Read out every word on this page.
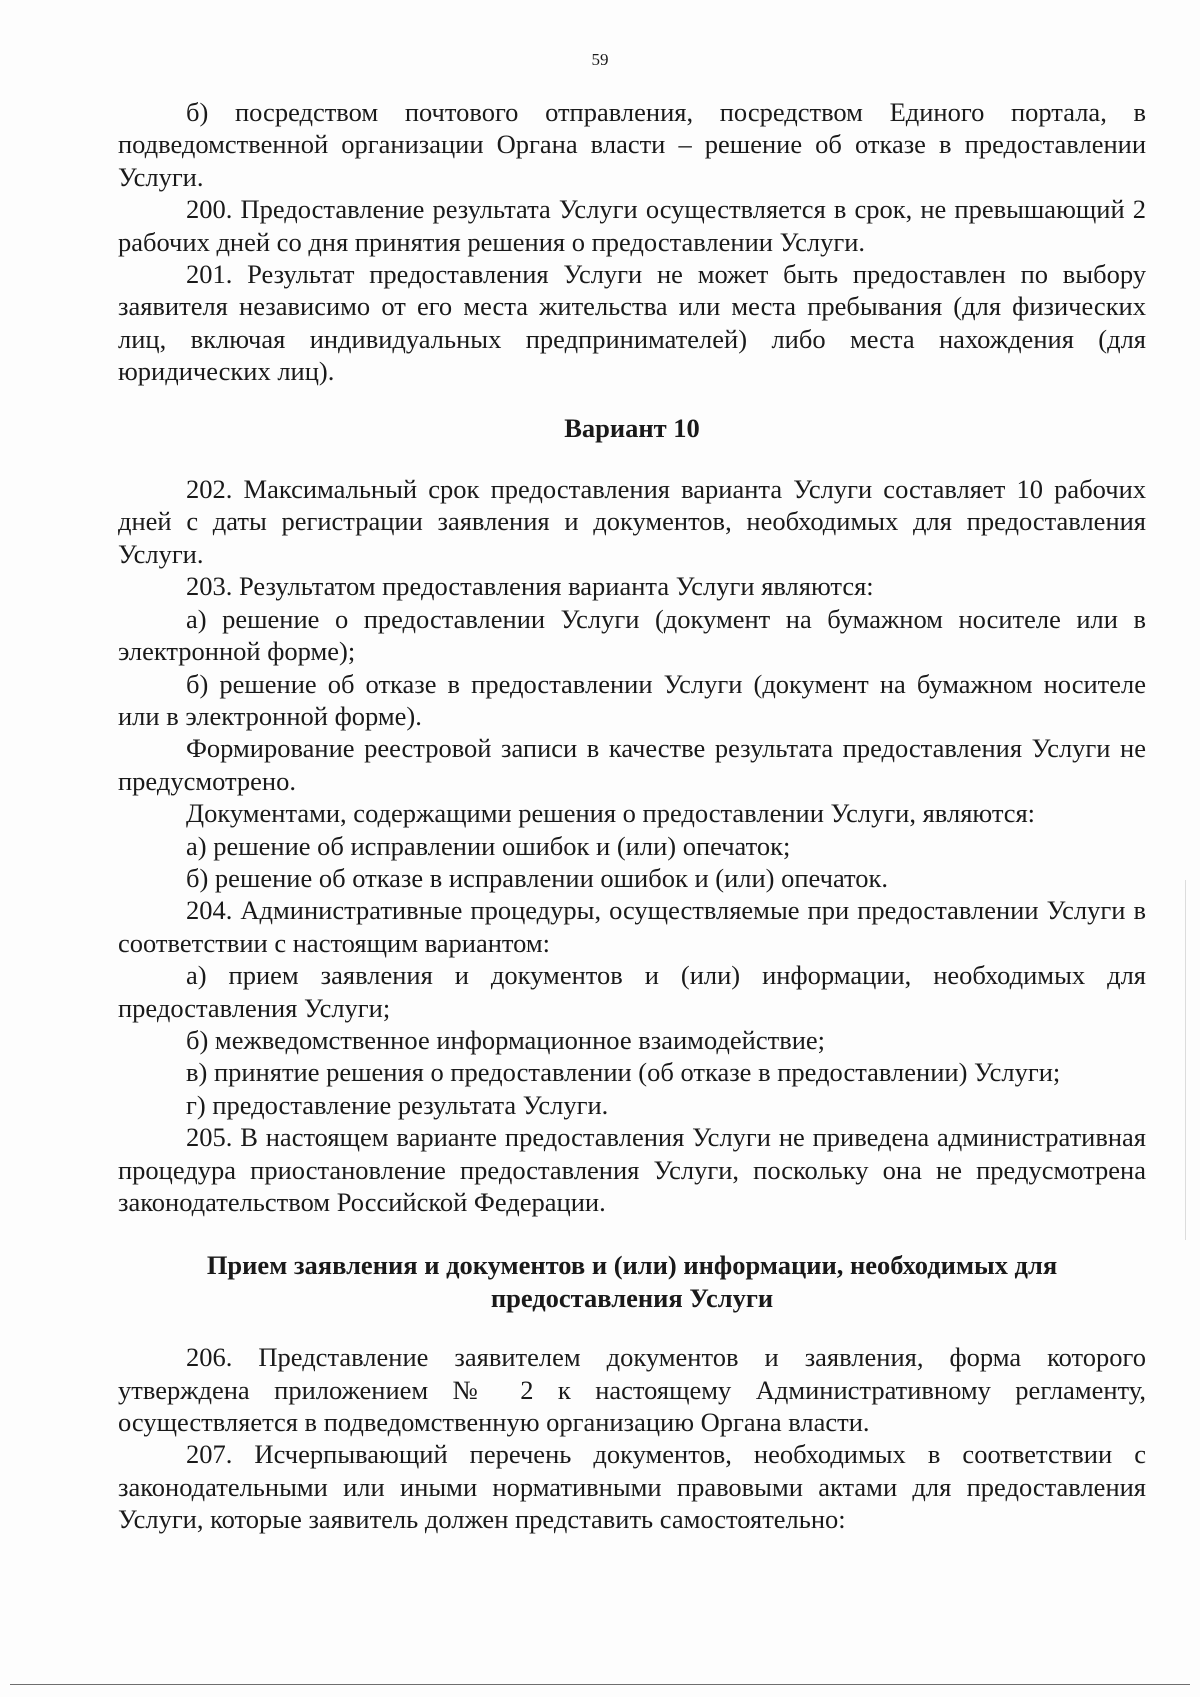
59

б) посредством почтового отправления, посредством Единого портала, в подведомственной организации Органа власти – решение об отказе в предоставлении Услуги.

200. Предоставление результата Услуги осуществляется в срок, не превышающий 2 рабочих дней со дня принятия решения о предоставлении Услуги.

201. Результат предоставления Услуги не может быть предоставлен по выбору заявителя независимо от его места жительства или места пребывания (для физических лиц, включая индивидуальных предпринимателей) либо места нахождения (для юридических лиц).

Вариант 10

202. Максимальный срок предоставления варианта Услуги составляет 10 рабочих дней с даты регистрации заявления и документов, необходимых для предоставления Услуги.

203. Результатом предоставления варианта Услуги являются:

а) решение о предоставлении Услуги (документ на бумажном носителе или в электронной форме);

б) решение об отказе в предоставлении Услуги (документ на бумажном носителе или в электронной форме).

Формирование реестровой записи в качестве результата предоставления Услуги не предусмотрено.

Документами, содержащими решения о предоставлении Услуги, являются:

а) решение об исправлении ошибок и (или) опечаток;

б) решение об отказе в исправлении ошибок и (или) опечаток.

204. Административные процедуры, осуществляемые при предоставлении Услуги в соответствии с настоящим вариантом:

а) прием заявления и документов и (или) информации, необходимых для предоставления Услуги;

б) межведомственное информационное взаимодействие;

в) принятие решения о предоставлении (об отказе в предоставлении) Услуги;

г) предоставление результата Услуги.

205. В настоящем варианте предоставления Услуги не приведена административная процедура приостановление предоставления Услуги, поскольку она не предусмотрена законодательством Российской Федерации.

Прием заявления и документов и (или) информации, необходимых для предоставления Услуги

206. Представление заявителем документов и заявления, форма которого утверждена приложением № 2 к настоящему Административному регламенту, осуществляется в подведомственную организацию Органа власти.

207. Исчерпывающий перечень документов, необходимых в соответствии с законодательными или иными нормативными правовыми актами для предоставления Услуги, которые заявитель должен представить самостоятельно:
